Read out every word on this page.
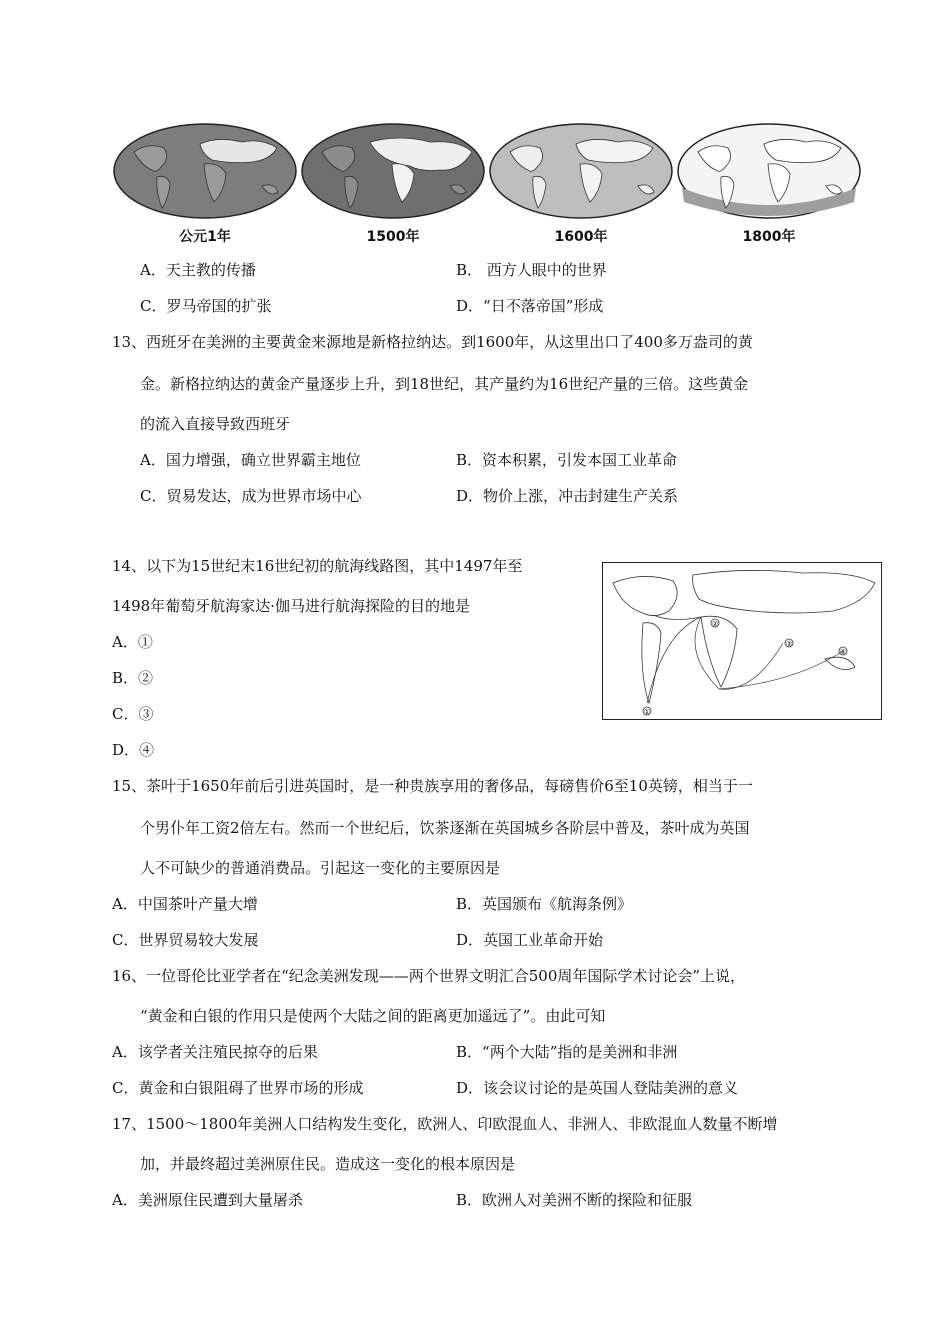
公元1年	1500年	1600年	1800年
A．天主教的传播	B． 西方人眼中的世界
C．罗马帝国的扩张	D．“日不落帝国”形成
13、西班牙在美洲的主要黄金来源地是新格拉纳达。到1600年，从这里出口了400多万盎司的黄
金。新格拉纳达的黄金产量逐步上升，到18世纪，其产量约为16世纪产量的三倍。这些黄金
的流入直接导致西班牙
A．国力增强，确立世界霸主地位	B．资本积累，引发本国工业革命
C．贸易发达，成为世界市场中心	D．物价上涨，冲击封建生产关系
14、以下为15世纪末16世纪初的航海线路图，其中1497年至
1498年葡萄牙航海家达·伽马进行航海探险的目的地是
A．①
B．②
C．③
D．④
①
②
③
④
15、茶叶于1650年前后引进英国时，是一种贵族享用的奢侈品，每磅售价6至10英镑，相当于一
个男仆年工资2倍左右。然而一个世纪后，饮茶逐渐在英国城乡各阶层中普及，茶叶成为英国
人不可缺少的普通消费品。引起这一变化的主要原因是
A．中国茶叶产量大增	B．英国颁布《航海条例》
C．世界贸易较大发展	D．英国工业革命开始
16、一位哥伦比亚学者在“纪念美洲发现——两个世界文明汇合500周年国际学术讨论会”上说，
“黄金和白银的作用只是使两个大陆之间的距离更加遥远了”。由此可知
A．该学者关注殖民掠夺的后果	B．“两个大陆”指的是美洲和非洲
C．黄金和白银阻碍了世界市场的形成	D．该会议讨论的是英国人登陆美洲的意义
17、1500～1800年美洲人口结构发生变化，欧洲人、印欧混血人、非洲人、非欧混血人数量不断增
加，并最终超过美洲原住民。造成这一变化的根本原因是
A．美洲原住民遭到大量屠杀	B．欧洲人对美洲不断的探险和征服
